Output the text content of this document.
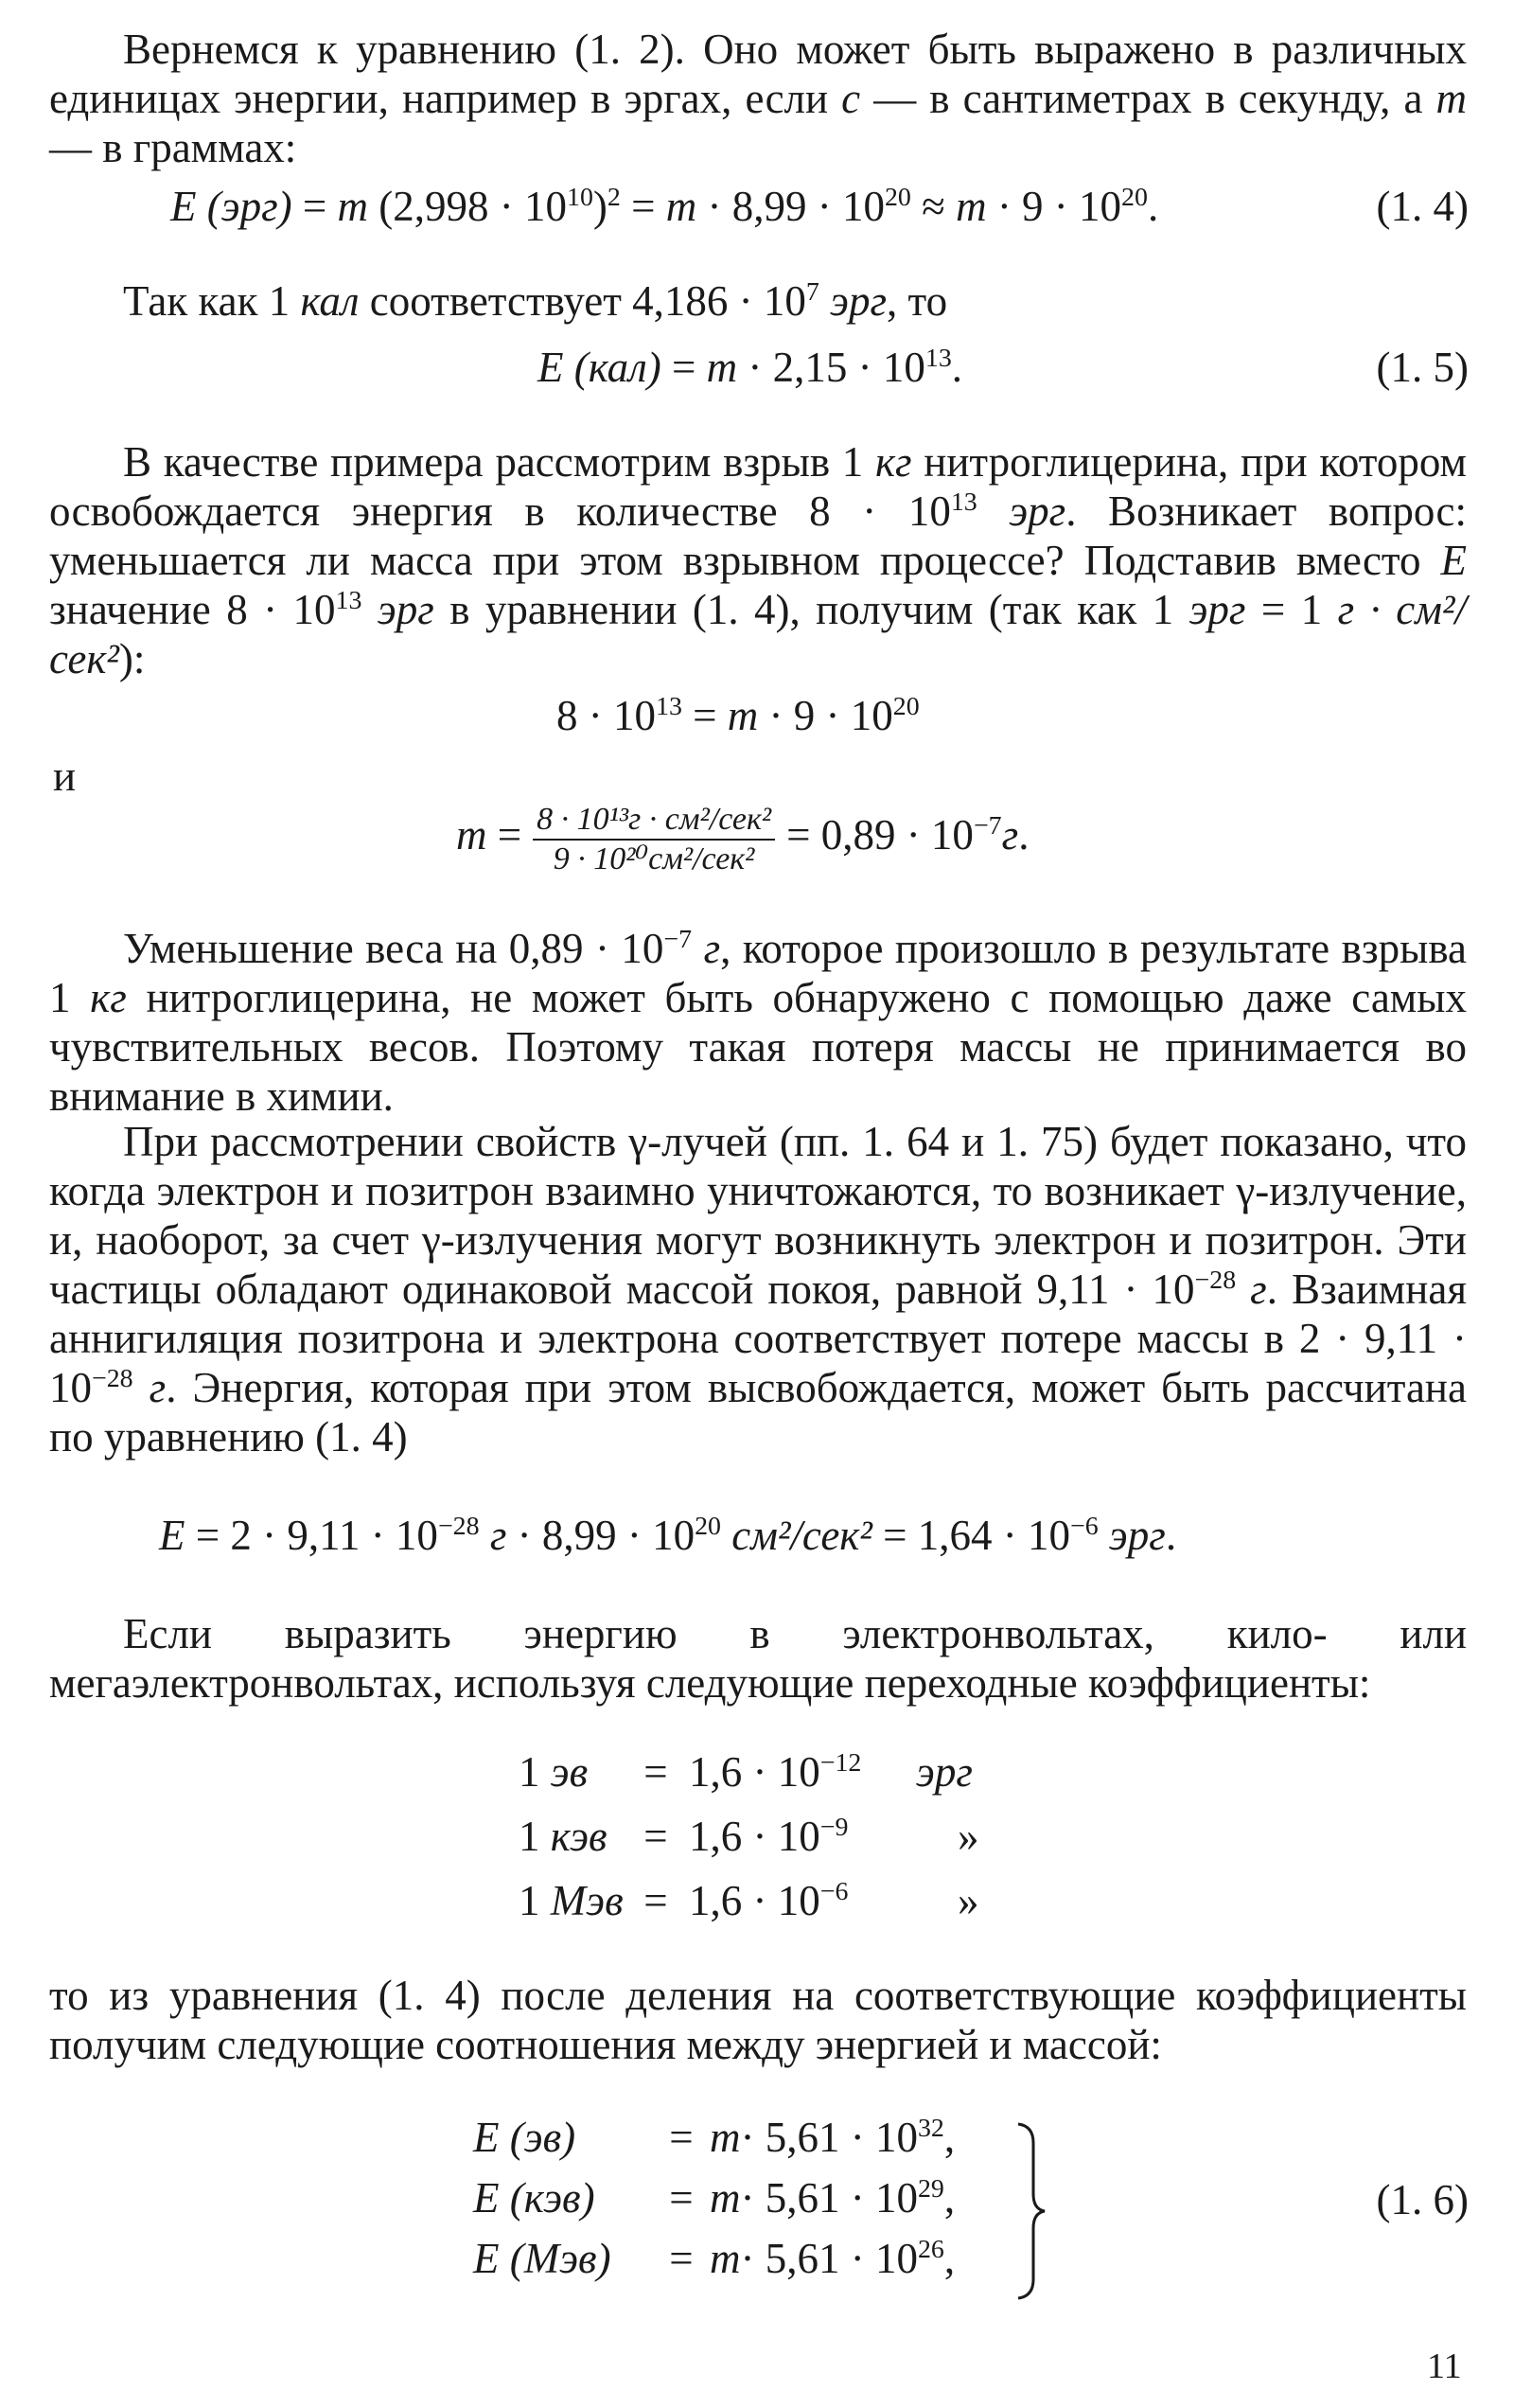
Вернемся к уравнению (1. 2). Оно может быть выражено в различных единицах энергии, например в эргах, если c — в сантиметрах в секунду, а m — в граммах:

E (эрг) = m $(2,998 \cdot 10^{10})^2 = m \cdot 8,99 \cdot 10^{20} \approx m \cdot 9 \cdot 10^{20}$.	(1. 4)
Так как 1 кал соответствует $4,186 \cdot 10^7$ эрг, то
E $(кал) = m \cdot 2,15 \cdot 10^{13}$.	(1. 5)

В качестве примера рассмотрим взрыв 1 кг нитроглицерина, при котором освобождается энергия в количестве $8 \cdot 10^{13}$ эрг. Возникает вопрос: уменьшается ли масса при этом взрывном процессе? Подставив вместо E значение $8 \cdot 10^{13}$ эрг в уравнении (1. 4), получим (так как 1 эрг = 1 г · см²/сек²):

$8 \cdot 10^{13} = m \cdot 9 \cdot 10^{20}$
и
$m = \frac{\text{8 · 10¹³г · см²/сек²}}{\text{9 · 10²⁰см²/сек²}} = 0,89 \cdot 10^{-7}г$.

Уменьшение веса на $0,89 \cdot 10^{-7}$ г, которое произошло в результате взрыва 1 кг нитроглицерина, не может быть обнаружено с помощью даже самых чувствительных весов. Поэтому такая потеря массы не принимается во внимание в химии.

При рассмотрении свойств γ-лучей (пп. 1. 64 и 1. 75) будет показано, что когда электрон и позитрон взаимно уничтожаются, то возникает γ-излучение, и, наоборот, за счет γ-излучения могут возникнуть электрон и позитрон. Эти частицы обладают одинаковой массой покоя, равной $9,11 \cdot 10^{-28}$ г. Взаимная аннигиляция позитрона и электрона соответствует потере массы в $2 \cdot 9,11 \cdot 10^{-28}$ г. Энергия, которая при этом высвобождается, может быть рассчитана по уравнению (1. 4)

$E = 2 \cdot 9,11 \cdot 10^{-28}$ $г \cdot 8,99 \cdot 10^{20}$ $см^2/сек^2 = 1,64 \cdot 10^{-6}$ эрг.

Если выразить энергию в электронвольтах, кило- или мегаэлектронвольтах, используя следующие переходные коэффициенты:

1 эв = $1,6 \cdot 10^{-12}$ эрг
1 кэв = $1,6 \cdot 10^{-9}$	»
1 Мэв = $1,6 \cdot 10^{-6}$	»

то из уравнения (1. 4) после деления на соответствующие коэффициенты получим следующие соотношения между энергией и массой:

E $(эв) = m\cdot 5,61 \cdot 10^{32}$,
E $(кэв) = m\cdot 5,61 \cdot 10^{29}$,
E $(Мэв) = m\cdot 5,61 \cdot 10^{26}$,
(1. 6)
11
